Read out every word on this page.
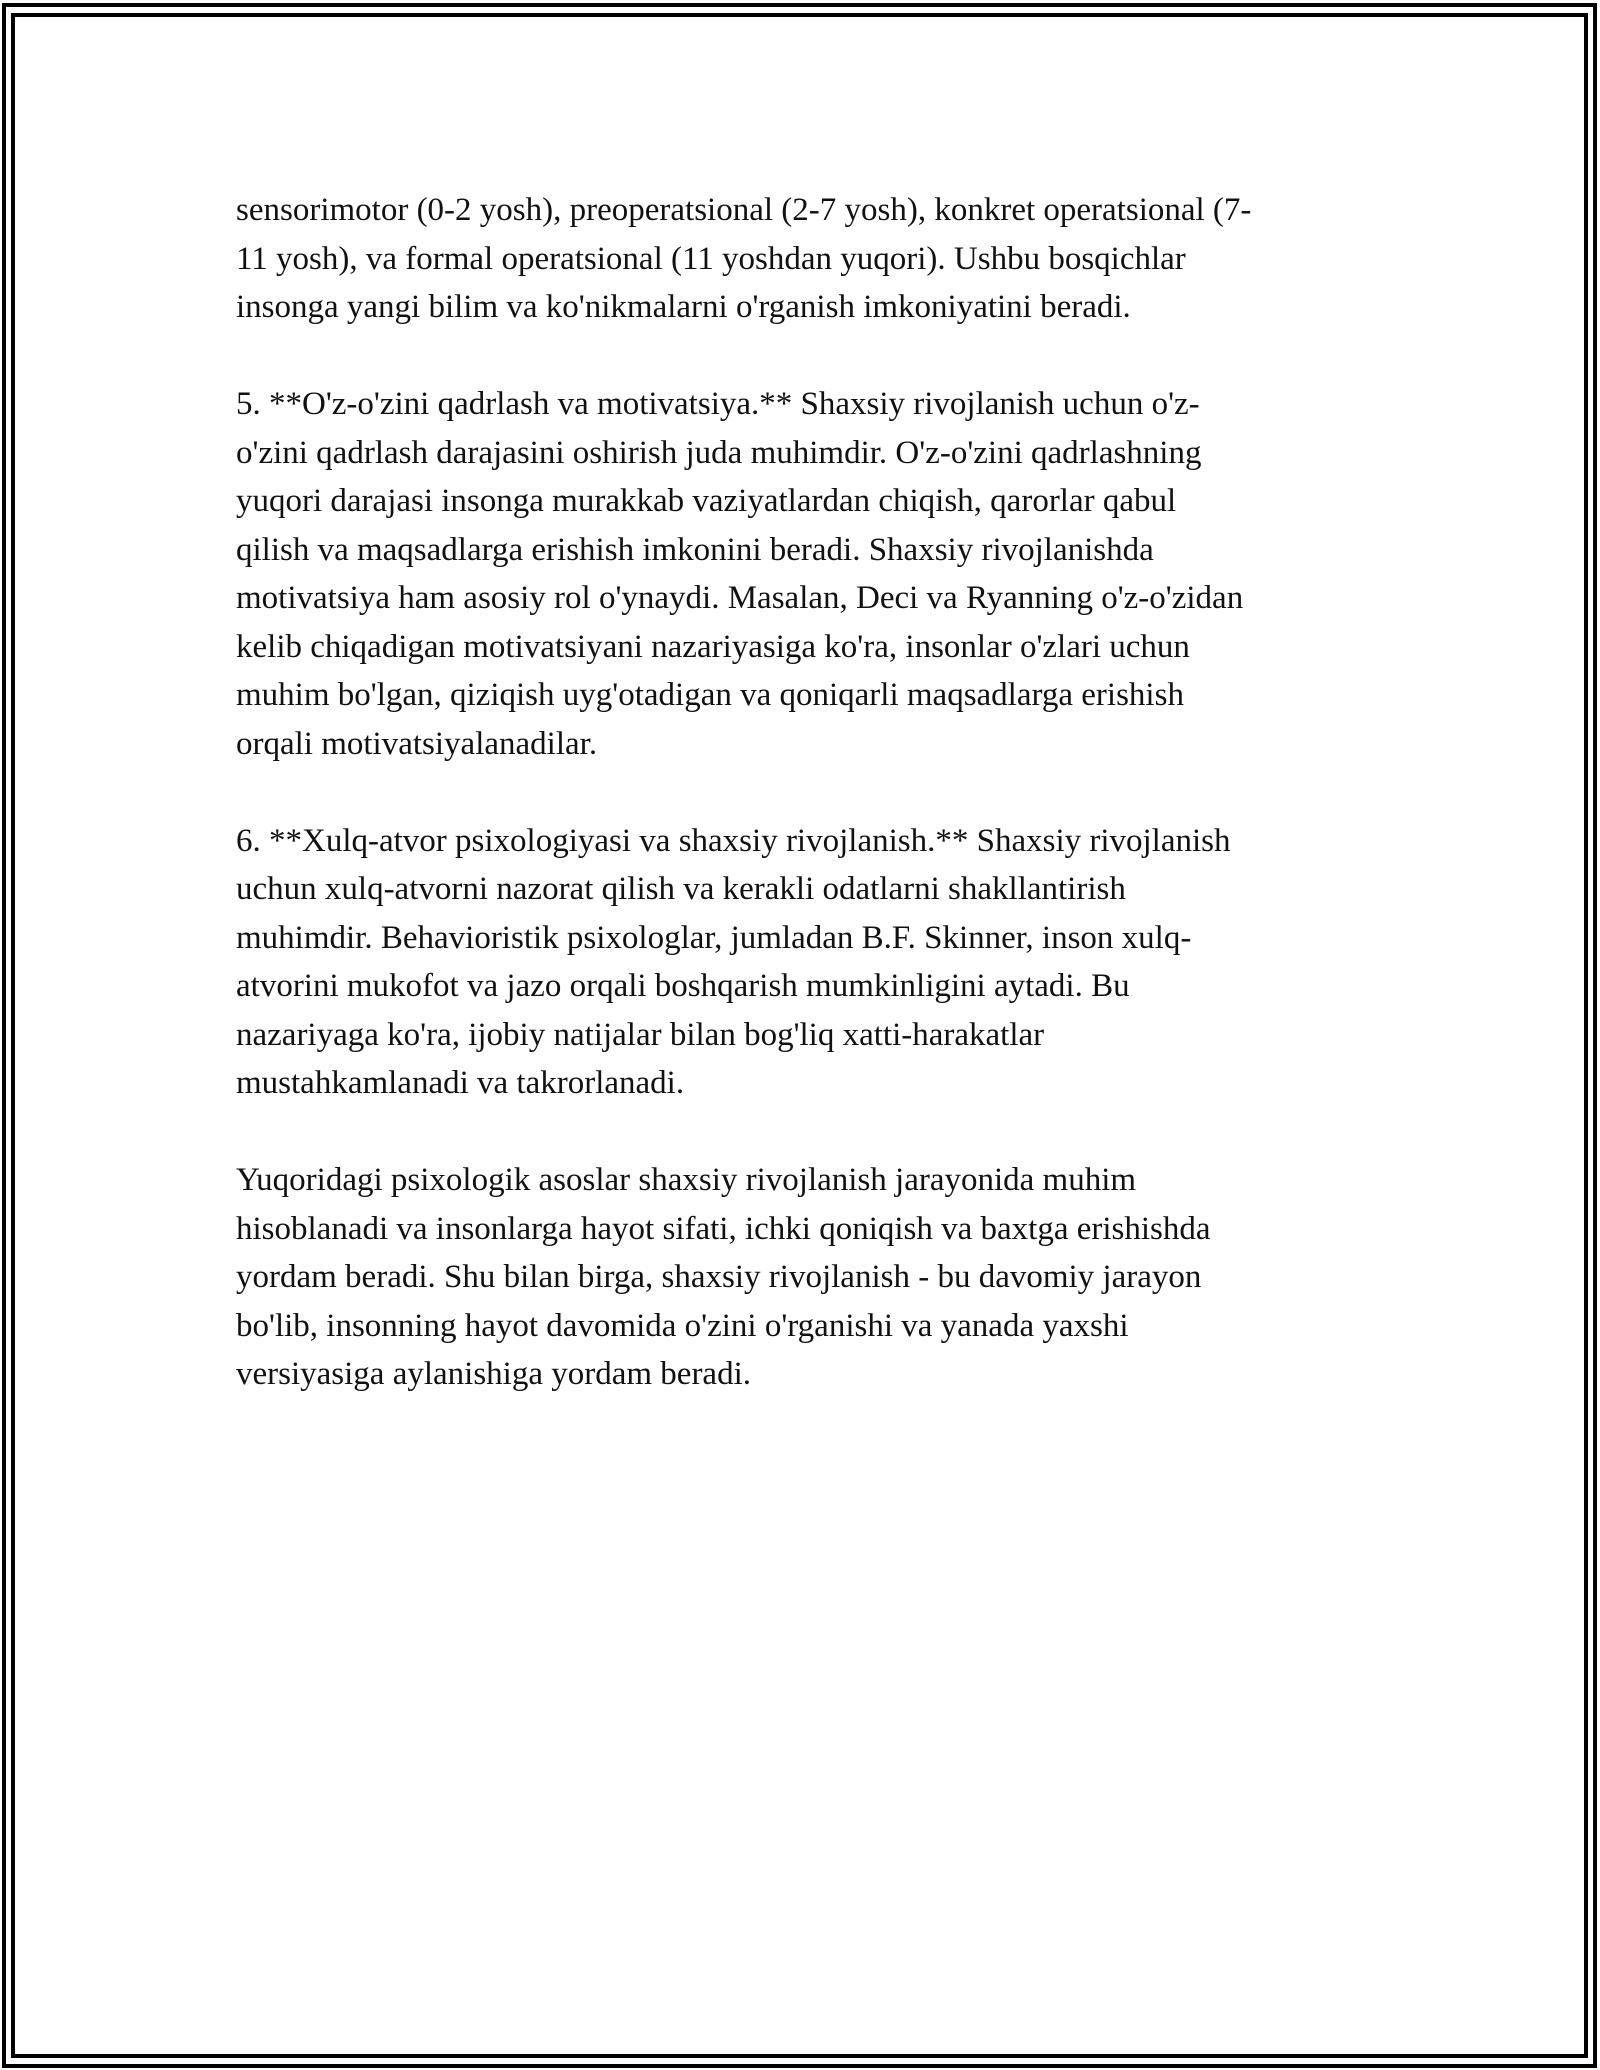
sensorimotor (0-2 yosh), preoperatsional (2-7 yosh), konkret operatsional (7-
11 yosh), va formal operatsional (11 yoshdan yuqori). Ushbu bosqichlar
insonga yangi bilim va ko'nikmalarni o'rganish imkoniyatini beradi.

5. **O'z-o'zini qadrlash va motivatsiya.** Shaxsiy rivojlanish uchun o'z-
o'zini qadrlash darajasini oshirish juda muhimdir. O'z-o'zini qadrlashning
yuqori darajasi insonga murakkab vaziyatlardan chiqish, qarorlar qabul
qilish va maqsadlarga erishish imkonini beradi. Shaxsiy rivojlanishda
motivatsiya ham asosiy rol o'ynaydi. Masalan, Deci va Ryanning o'z-o'zidan
kelib chiqadigan motivatsiyani nazariyasiga ko'ra, insonlar o'zlari uchun
muhim bo'lgan, qiziqish uyg'otadigan va qoniqarli maqsadlarga erishish
orqali motivatsiyalanadilar.

6. **Xulq-atvor psixologiyasi va shaxsiy rivojlanish.** Shaxsiy rivojlanish
uchun xulq-atvorni nazorat qilish va kerakli odatlarni shakllantirish
muhimdir. Behavioristik psixologlar, jumladan B.F. Skinner, inson xulq-
atvorini mukofot va jazo orqali boshqarish mumkinligini aytadi. Bu
nazariyaga ko'ra, ijobiy natijalar bilan bog'liq xatti-harakatlar
mustahkamlanadi va takrorlanadi.

Yuqoridagi psixologik asoslar shaxsiy rivojlanish jarayonida muhim
hisoblanadi va insonlarga hayot sifati, ichki qoniqish va baxtga erishishda
yordam beradi. Shu bilan birga, shaxsiy rivojlanish - bu davomiy jarayon
bo'lib, insonning hayot davomida o'zini o'rganishi va yanada yaxshi
versiyasiga aylanishiga yordam beradi.
